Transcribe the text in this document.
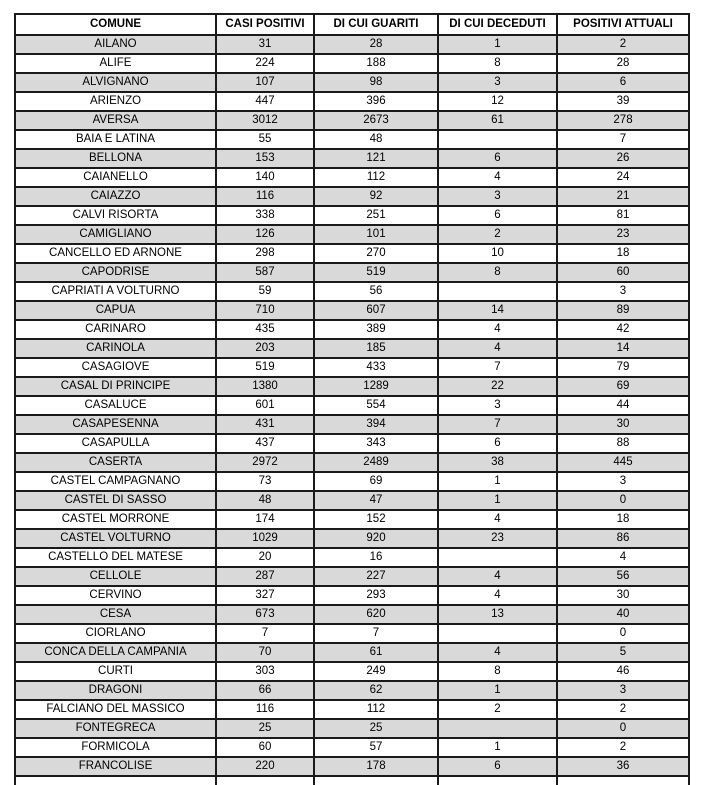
COMUNE	CASI POSITIVI	DI CUI GUARITI	DI CUI DECEDUTI	POSITIVI ATTUALI
AILANO	31	28	1	2
ALIFE	224	188	8	28
ALVIGNANO	107	98	3	6
ARIENZO	447	396	12	39
AVERSA	3012	2673	61	278
BAIA E LATINA	55	48		7
BELLONA	153	121	6	26
CAIANELLO	140	112	4	24
CAIAZZO	116	92	3	21
CALVI RISORTA	338	251	6	81
CAMIGLIANO	126	101	2	23
CANCELLO ED ARNONE	298	270	10	18
CAPODRISE	587	519	8	60
CAPRIATI A VOLTURNO	59	56		3
CAPUA	710	607	14	89
CARINARO	435	389	4	42
CARINOLA	203	185	4	14
CASAGIOVE	519	433	7	79
CASAL DI PRINCIPE	1380	1289	22	69
CASALUCE	601	554	3	44
CASAPESENNA	431	394	7	30
CASAPULLA	437	343	6	88
CASERTA	2972	2489	38	445
CASTEL CAMPAGNANO	73	69	1	3
CASTEL DI SASSO	48	47	1	0
CASTEL MORRONE	174	152	4	18
CASTEL VOLTURNO	1029	920	23	86
CASTELLO DEL MATESE	20	16		4
CELLOLE	287	227	4	56
CERVINO	327	293	4	30
CESA	673	620	13	40
CIORLANO	7	7		0
CONCA DELLA CAMPANIA	70	61	4	5
CURTI	303	249	8	46
DRAGONI	66	62	1	3
FALCIANO DEL MASSICO	116	112	2	2
FONTEGRECA	25	25		0
FORMICOLA	60	57	1	2
FRANCOLISE	220	178	6	36
